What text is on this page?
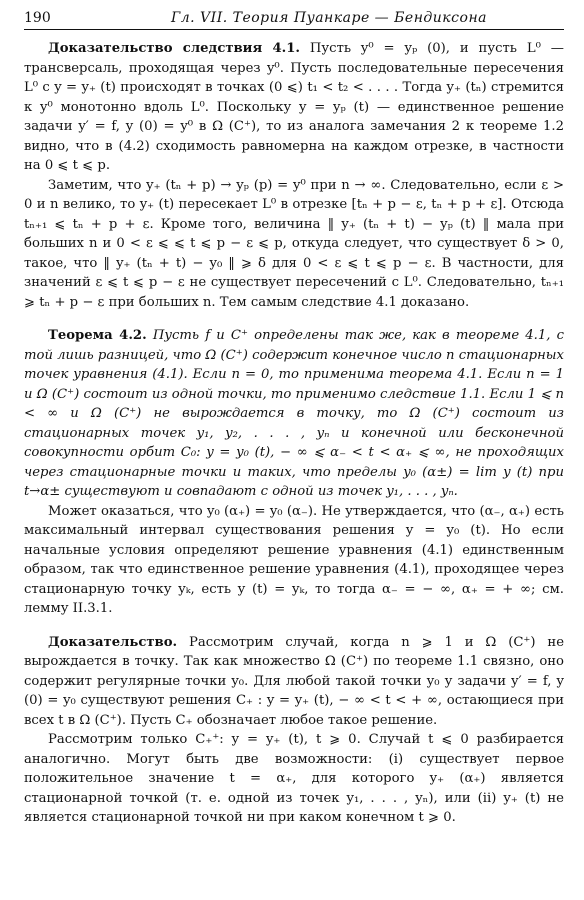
190	Гл. VII. Теория Пуанкаре — Бендиксона

Доказательство следствия 4.1. Пусть y⁰ = yₚ (0), и пусть L⁰ — трансверсаль, проходящая через y⁰. Пусть последовательные пересечения L⁰ с y = y₊ (t) происходят в точках (0 ⩽) t₁ < t₂ < . . . . Тогда y₊ (tₙ) стремится к y⁰ монотонно вдоль L⁰. Поскольку y = yₚ (t) — единственное решение задачи y′ = f, y (0) = y⁰ в Ω (C⁺), то из аналога замечания 2 к теореме 1.2 видно, что в (4.2) сходимость равномерна на каждом отрезке, в частности на 0 ⩽ t ⩽ p.

Заметим, что y₊ (tₙ + p) → yₚ (p) = y⁰ при n → ∞. Следовательно, если ε > 0 и n велико, то y₊ (t) пересекает L⁰ в отрезке [tₙ + p − ε, tₙ + p + ε]. Отсюда tₙ₊₁ ⩽ tₙ + p + ε. Кроме того, величина ‖ y₊ (tₙ + t) − yₚ (t) ‖ мала при больших n и 0 < ε ⩽ ⩽ t ⩽ p − ε ⩽ p, откуда следует, что существует δ > 0, такое, что ‖ y₊ (tₙ + t) − y₀ ‖ ⩾ δ для 0 < ε ⩽ t ⩽ p − ε. В частности, для значений ε ⩽ t ⩽ p − ε не существует пересечений с L⁰. Следовательно, tₙ₊₁ ⩾ tₙ + p − ε при больших n. Тем самым следствие 4.1 доказано.

Теорема 4.2. Пусть f и C⁺ определены так же, как в теореме 4.1, с той лишь разницей, что Ω (C⁺) содержит конечное число n стационарных точек уравнения (4.1). Если n = 0, то применима теорема 4.1. Если n = 1 и Ω (C⁺) состоит из одной точки, то применимо следствие 1.1. Если 1 ⩽ n < ∞ и Ω (C⁺) не вырождается в точку, то Ω (C⁺) состоит из стационарных точек y₁, y₂, . . . , yₙ и конечной или бесконечной совокупности орбит C₀: y = y₀ (t), − ∞ ⩽ α₋ < t < α₊ ⩽ ∞, не проходящих через стационарные точки и таких, что пределы y₀ (α±) = lim y (t) при t→α± существуют и совпадают с одной из точек y₁, . . . , yₙ.

Может оказаться, что y₀ (α₊) = y₀ (α₋). Не утверждается, что (α₋, α₊) есть максимальный интервал существования решения y = y₀ (t). Но если начальные условия определяют решение уравнения (4.1) единственным образом, так что единственное решение уравнения (4.1), проходящее через стационарную точку yₖ, есть y (t) = yₖ, то тогда α₋ = − ∞, α₊ = + ∞; см. лемму II.3.1.

Доказательство. Рассмотрим случай, когда n ⩾ 1 и Ω (C⁺) не вырождается в точку. Так как множество Ω (C⁺) по теореме 1.1 связно, оно содержит регулярные точки y₀. Для любой такой точки y₀ у задачи y′ = f, y (0) = y₀ существуют решения C₊ : y = y₊ (t), − ∞ < t < + ∞, остающиеся при всех t в Ω (C⁺). Пусть C₊ обозначает любое такое решение.

Рассмотрим только C₊⁺: y = y₊ (t), t ⩾ 0. Случай t ⩽ 0 разбирается аналогично. Могут быть две возможности: (i) существует первое положительное значение t = α₊, для которого y₊ (α₊) является стационарной точкой (т. е. одной из точек y₁, . . . , yₙ), или (ii) y₊ (t) не является стационарной точкой ни при каком конечном t ⩾ 0.
